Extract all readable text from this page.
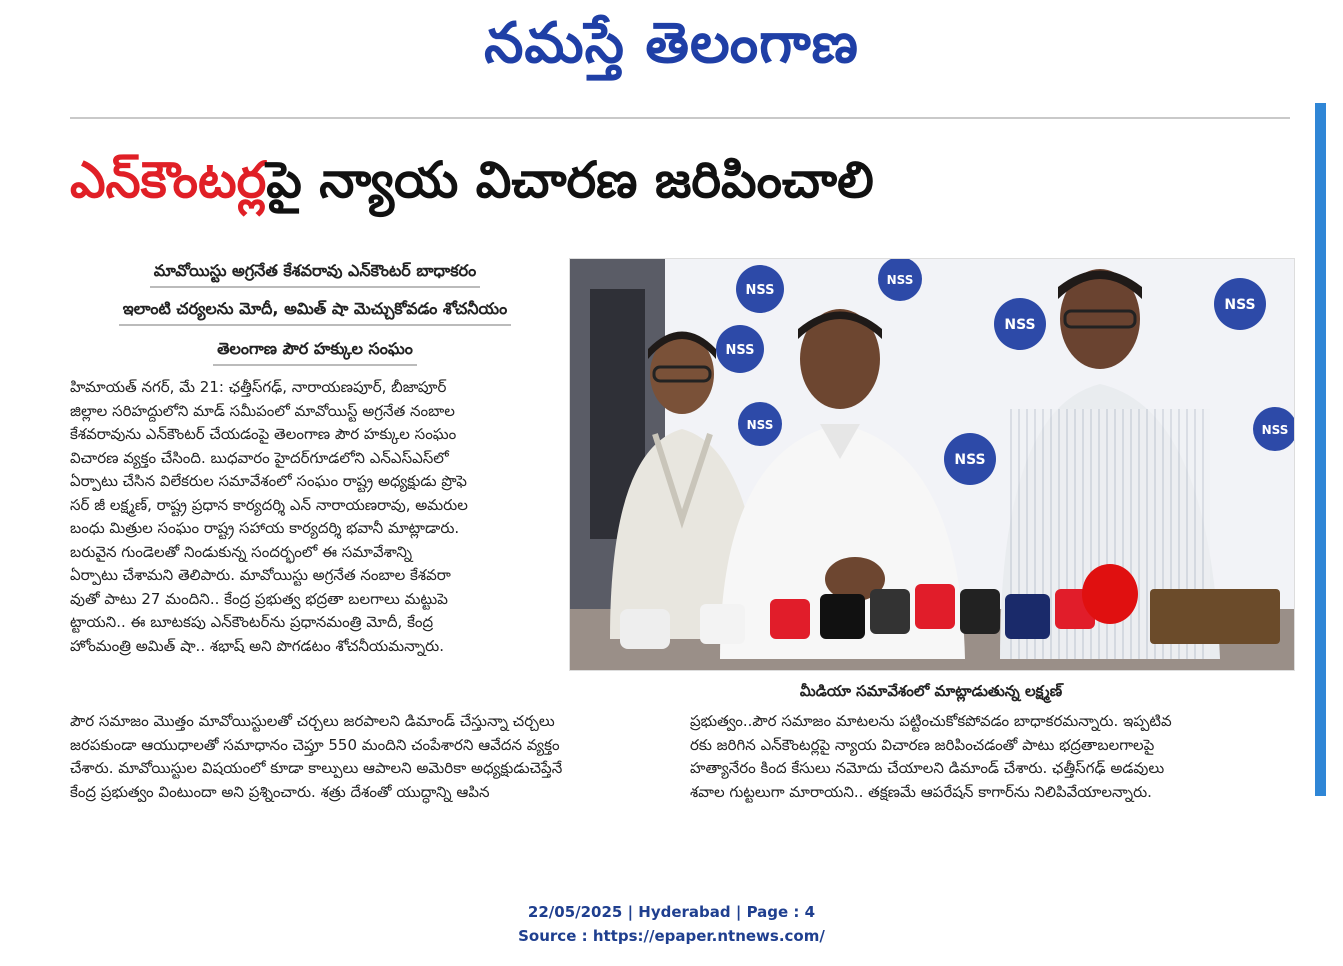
నమస్తే తెలంగాణ
ఎన్‌కౌంటర్లపై న్యాయ విచారణ జరిపించాలి
మావోయిస్టు అగ్రనేత కేశవరావు ఎన్‌కౌంటర్ బాధాకరం
ఇలాంటి చర్యలను మోదీ, అమిత్ షా మెచ్చుకోవడం శోచనీయం
తెలంగాణ పౌర హక్కుల సంఘం
హిమాయత్ నగర్, మే 21: ఛత్తీస్‌గఢ్, నారాయణపూర్, బీజాపూర్
జిల్లాల సరిహద్దులోని మాడ్ సమీపంలో మావోయిస్ట్ అగ్రనేత నంబాల
కేశవరావును ఎన్‌కౌంటర్ చేయడంపై తెలంగాణ పౌర హక్కుల సంఘం
విచారణ వ్యక్తం చేసింది. బుధవారం హైదర్‌గూడలోని ఎన్ఎస్ఎస్‌లో
ఏర్పాటు చేసిన విలేకరుల సమావేశంలో సంఘం రాష్ట్ర అధ్యక్షుడు ప్రొఫె
సర్ జీ లక్ష్మణ్, రాష్ట్ర ప్రధాన కార్యదర్శి ఎన్ నారాయణరావు, అమరుల
బంధు మిత్రుల సంఘం రాష్ట్ర సహాయ కార్యదర్శి భవానీ మాట్లాడారు.
బరువైన గుండెలతో నిండుకున్న సందర్భంలో ఈ సమావేశాన్ని
ఏర్పాటు చేశామని తెలిపారు. మావోయిస్టు అగ్రనేత నంబాల కేశవరా
వుతో పాటు 27 మందిని.. కేంద్ర ప్రభుత్వ భద్రతా బలగాలు మట్టుపె
ట్టాయని.. ఈ బూటకపు ఎన్‌కౌంటర్‌ను ప్రధానమంత్రి మోదీ, కేంద్ర
హోంమంత్రి అమిత్ షా.. శభాష్ అని పొగడటం శోచనీయమన్నారు.
పౌర సమాజం మొత్తం మావోయిస్టులతో చర్చలు జరపాలని డిమాండ్ చేస్తున్నా చర్చలు
జరపకుండా ఆయుధాలతో సమాధానం చెప్తూ 550 మందిని చంపేశారని ఆవేదన వ్యక్తం
చేశారు. మావోయిస్టుల విషయంలో కూడా కాల్పులు ఆపాలని అమెరికా అధ్యక్షుడుచెప్తేనే
కేంద్ర ప్రభుత్వం వింటుందా అని ప్రశ్నించారు. శత్రు దేశంతో యుద్ధాన్ని ఆపిన
ప్రభుత్వం..పౌర సమాజం మాటలను పట్టించుకోకపోవడం బాధాకరమన్నారు. ఇప్పటివ
రకు జరిగిన ఎన్‌కౌంటర్లపై న్యాయ విచారణ జరిపించడంతో పాటు భద్రతాబలగాలపై
హత్యానేరం కింద కేసులు నమోదు చేయాలని డిమాండ్ చేశారు. ఛత్తీస్‌గఢ్ అడవులు
శవాల గుట్టలుగా మారాయని.. తక్షణమే ఆపరేషన్ కాగార్‌ను నిలిపివేయాలన్నారు.
NSS
NSS
NSS
NSS
NSS
NSS
NSS
NSS
మీడియా సమావేశంలో మాట్లాడుతున్న లక్ష్మణ్
22/05/2025 | Hyderabad | Page : 4
Source : https://epaper.ntnews.com/
